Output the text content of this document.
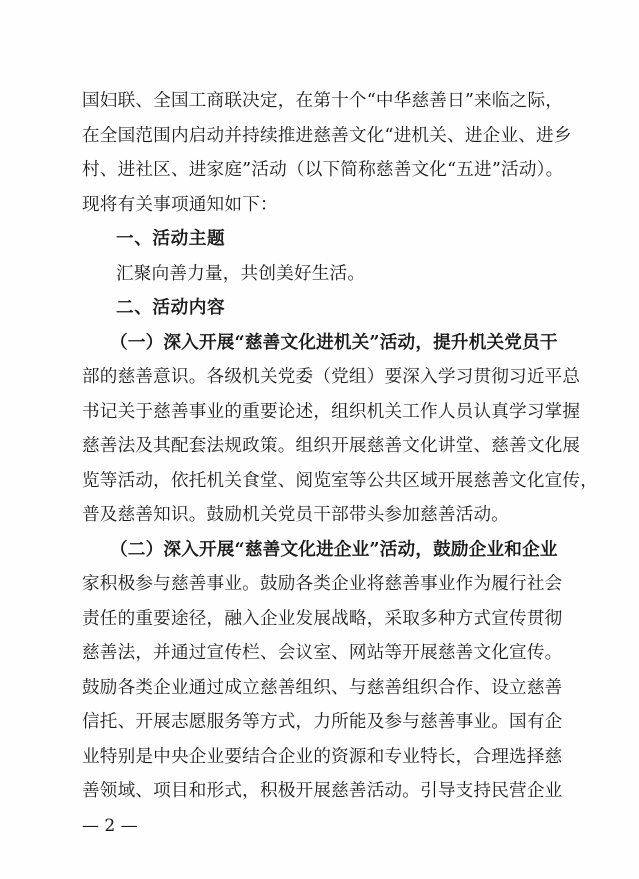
国妇联、全国工商联决定，在第十个“中华慈善日”来临之际，
在全国范围内启动并持续推进慈善文化“进机关、进企业、进乡
村、进社区、进家庭”活动（以下简称慈善文化“五进”活动）。
现将有关事项通知如下：
一、活动主题
汇聚向善力量，共创美好生活。
二、活动内容
（一）深入开展“慈善文化进机关”活动，提升机关党员干
部的慈善意识。各级机关党委（党组）要深入学习贯彻习近平总
书记关于慈善事业的重要论述，组织机关工作人员认真学习掌握
慈善法及其配套法规政策。组织开展慈善文化讲堂、慈善文化展
览等活动，依托机关食堂、阅览室等公共区域开展慈善文化宣传，
普及慈善知识。鼓励机关党员干部带头参加慈善活动。
（二）深入开展“慈善文化进企业”活动，鼓励企业和企业
家积极参与慈善事业。鼓励各类企业将慈善事业作为履行社会
责任的重要途径，融入企业发展战略，采取多种方式宣传贯彻
慈善法，并通过宣传栏、会议室、网站等开展慈善文化宣传。
鼓励各类企业通过成立慈善组织、与慈善组织合作、设立慈善
信托、开展志愿服务等方式，力所能及参与慈善事业。国有企
业特别是中央企业要结合企业的资源和专业特长，合理选择慈
善领域、项目和形式，积极开展慈善活动。引导支持民营企业
— 2 —
